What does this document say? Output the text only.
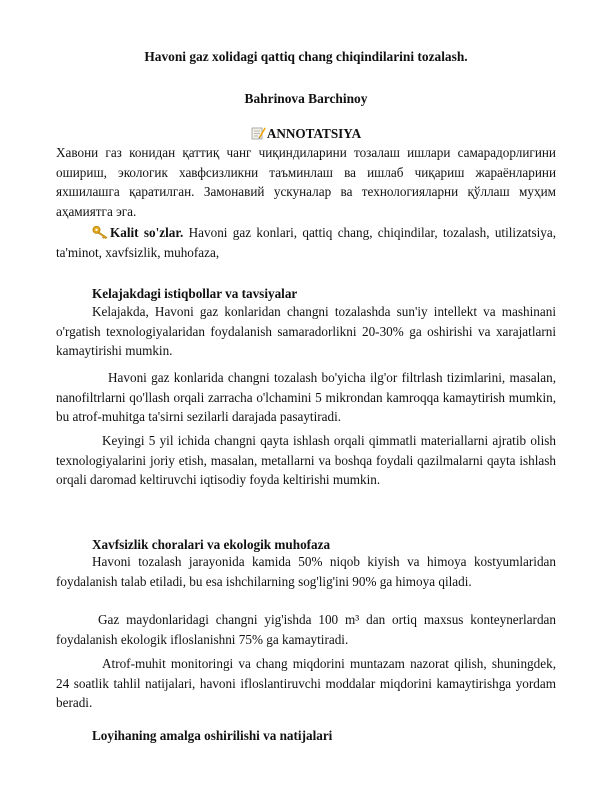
Havoni gaz xolidagi qattiq chang chiqindilarini tozalash.
Bahrinova Barchinoy
ANNOTATSIYA

Хавони газ конидан қаттиқ чанг чиқиндиларини тозалаш ишлари самарадорлигини ошириш, экологик хавфсизликни таъминлаш ва ишлаб чиқариш жараёнларини яхшилашга қаратилган. Замонавий ускуналар ва технологияларни қўллаш муҳим аҳамиятга эга.

Kalit so'zlar. Havoni gaz konlari, qattiq chang, chiqindilar, tozalash, utilizatsiya, ta'minot, xavfsizlik, muhofaza,

Kelajakdagi istiqbollar va tavsiyalar

Kelajakda, Havoni gaz konlaridan changni tozalashda sun'iy intellekt va mashinani o'rgatish texnologiyalaridan foydalanish samaradorlikni 20-30% ga oshirishi va xarajatlarni kamaytirishi mumkin.

Havoni gaz konlarida changni tozalash bo'yicha ilg'or filtrlash tizimlarini, masalan, nanofiltrlarni qo'llash orqali zarracha o'lchamini 5 mikrondan kamroqqa kamaytirish mumkin, bu atrof-muhitga ta'sirni sezilarli darajada pasaytiradi.

Keyingi 5 yil ichida changni qayta ishlash orqali qimmatli materiallarni ajratib olish texnologiyalarini joriy etish, masalan, metallarni va boshqa foydali qazilmalarni qayta ishlash orqali daromad keltiruvchi iqtisodiy foyda keltirishi mumkin.

Xavfsizlik choralari va ekologik muhofaza

Havoni tozalash jarayonida kamida 50% niqob kiyish va himoya kostyumlaridan foydalanish talab etiladi, bu esa ishchilarning sog'lig'ini 90% ga himoya qiladi.

Gaz maydonlaridagi changni yig'ishda 100 m³ dan ortiq maxsus konteynerlardan foydalanish ekologik ifloslanishni 75% ga kamaytiradi.

Atrof-muhit monitoringi va chang miqdorini muntazam nazorat qilish, shuningdek, 24 soatlik tahlil natijalari, havoni ifloslantiruvchi moddalar miqdorini kamaytirishga yordam beradi.

Loyihaning amalga oshirilishi va natijalari
